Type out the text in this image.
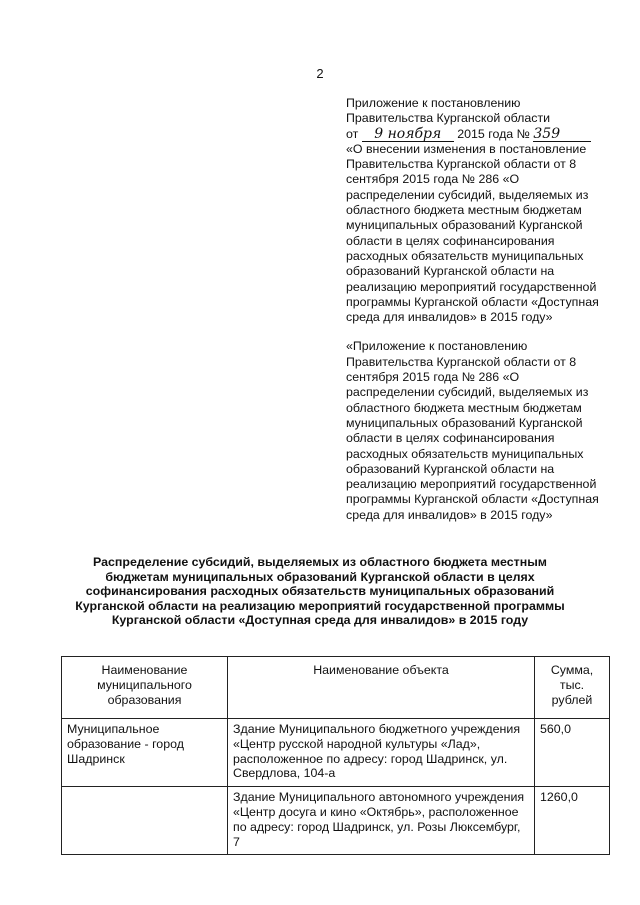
2

Приложение к постановлению

Правительства Курганской области

от 9 ноября 2015 года № 359

«О внесении изменения в постановление Правительства Курганской области от 8 сентября 2015 года № 286 «О распределении субсидий, выделяемых из областного бюджета местным бюджетам муниципальных образований Курганской области в целях софинансирования расходных обязательств муниципальных образований Курганской области на реализацию мероприятий государственной программы Курганской области «Доступная среда для инвалидов» в 2015 году»

«Приложение к постановлению Правительства Курганской области от 8 сентября 2015 года № 286 «О распределении субсидий, выделяемых из областного бюджета местным бюджетам муниципальных образований Курганской области в целях софинансирования расходных обязательств муниципальных образований Курганской области на реализацию мероприятий государственной программы Курганской области «Доступная среда для инвалидов» в 2015 году»

Распределение субсидий, выделяемых из областного бюджета местным бюджетам муниципальных образований Курганской области в целях софинансирования расходных обязательств муниципальных образований Курганской области на реализацию мероприятий государственной программы Курганской области «Доступная среда для инвалидов» в 2015 году
Наименование муниципального образования	Наименование объекта	Сумма, тыс. рублей
Муниципальное образование - город Шадринск	Здание Муниципального бюджетного учреждения «Центр русской народной культуры «Лад», расположенное по адресу: город Шадринск, ул. Свердлова, 104-а	560,0
	Здание Муниципального автономного учреждения «Центр досуга и кино «Октябрь», расположенное по адресу: город Шадринск, ул. Розы Люксембург, 7	1260,0
